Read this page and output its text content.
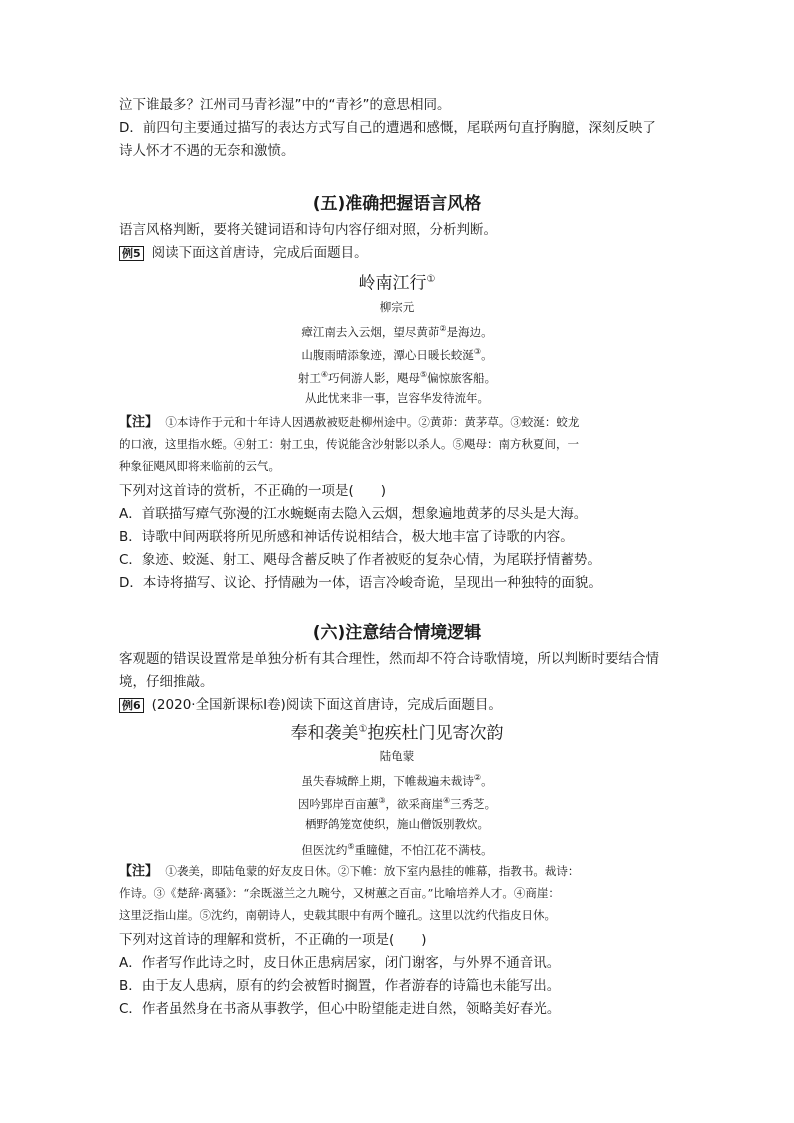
泣下谁最多？江州司马青衫湿”中的“青衫”的意思相同。
D．前四句主要通过描写的表达方式写自己的遭遇和感慨，尾联两句直抒胸臆，深刻反映了
诗人怀才不遇的无奈和激愤。
(五)准确把握语言风格
语言风格判断，要将关键词语和诗句内容仔细对照，分析判断。
例5 阅读下面这首唐诗，完成后面题目。
岭南江行①
柳宗元
瘴江南去入云烟，望尽黄茆②是海边。
山腹雨晴添象迹，潭心日暖长蛟涎③。
射工④巧伺游人影，飓母⑤偏惊旅客船。
从此忧来非一事，岂容华发待流年。
【注】 ①本诗作于元和十年诗人因遇赦被贬赴柳州途中。②黄茆：黄茅草。③蛟涎：蛟龙
的口液，这里指水蛭。④射工：射工虫，传说能含沙射影以杀人。⑤飓母：南方秋夏间，一
种象征飓风即将来临前的云气。
下列对这首诗的赏析，不正确的一项是(　　)
A．首联描写瘴气弥漫的江水蜿蜒南去隐入云烟，想象遍地黄茅的尽头是大海。
B．诗歌中间两联将所见所感和神话传说相结合，极大地丰富了诗歌的内容。
C．象迹、蛟涎、射工、飓母含蓄反映了作者被贬的复杂心情，为尾联抒情蓄势。
D．本诗将描写、议论、抒情融为一体，语言冷峻奇诡，呈现出一种独特的面貌。
(六)注意结合情境逻辑
客观题的错误设置常是单独分析有其合理性，然而却不符合诗歌情境，所以判断时要结合情
境，仔细推敲。
例6 (2020·全国新课标Ⅰ卷)阅读下面这首唐诗，完成后面题目。
奉和袭美①抱疾杜门见寄次韵
陆龟蒙
虽失春城醉上期，下帷裁遍未裁诗②。
因吟郢岸百亩蕙③，欲采商崖④三秀芝。
栖野鸽笼宽使织，施山僧饭别教炊。
但医沈约⑤重瞳健，不怕江花不满枝。
【注】 ①袭美，即陆龟蒙的好友皮日休。②下帷：放下室内悬挂的帷幕，指教书。裁诗：
作诗。③《楚辞·离骚》：“余既滋兰之九畹兮，又树蕙之百亩。”比喻培养人才。④商崖：
这里泛指山崖。⑤沈约，南朝诗人，史载其眼中有两个瞳孔。这里以沈约代指皮日休。
下列对这首诗的理解和赏析，不正确的一项是(　　)
A．作者写作此诗之时，皮日休正患病居家，闭门谢客，与外界不通音讯。
B．由于友人患病，原有的约会被暂时搁置，作者游春的诗篇也未能写出。
C．作者虽然身在书斋从事教学，但心中盼望能走进自然，领略美好春光。
